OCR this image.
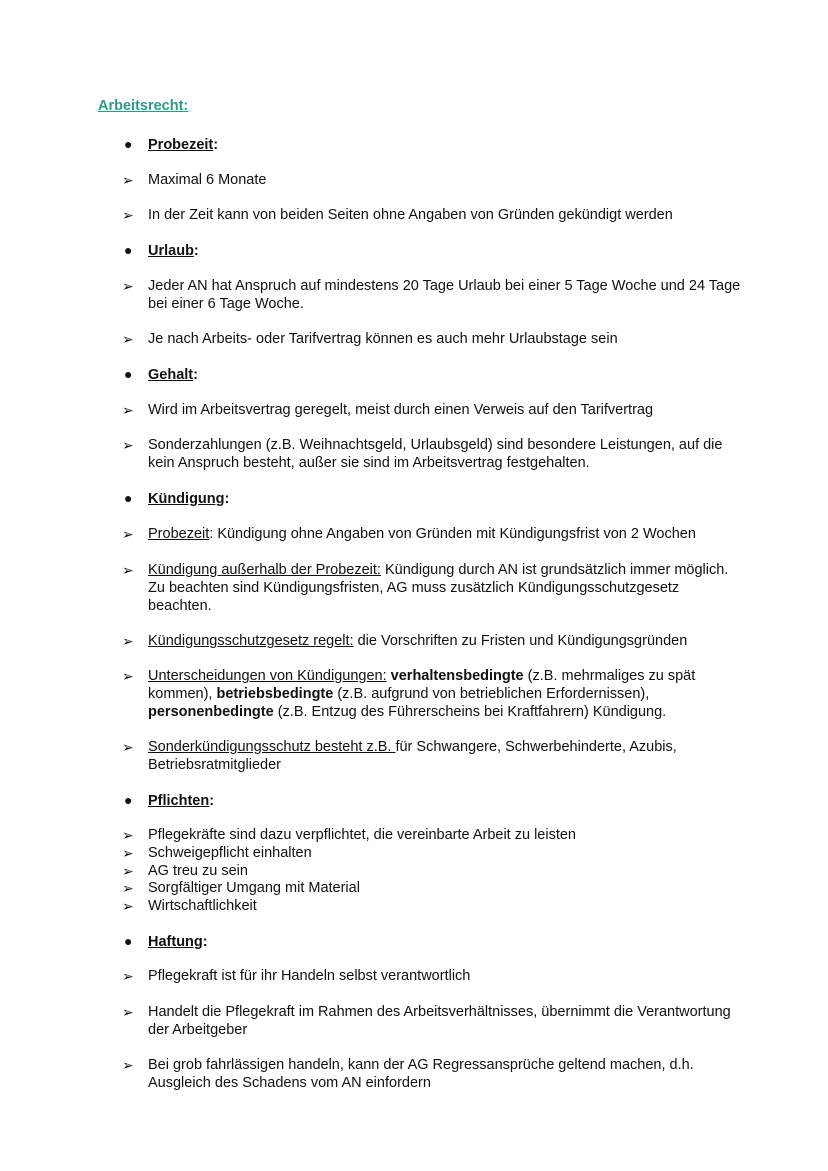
Arbeitsrecht:
●	Probezeit:
➢ Maximal 6 Monate
➢ In der Zeit kann von beiden Seiten ohne Angaben von Gründen gekündigt werden
●	Urlaub:
➢ Jeder AN hat Anspruch auf mindestens 20 Tage Urlaub bei einer 5 Tage Woche und 24 Tage bei einer 6 Tage Woche.
➢ Je nach Arbeits- oder Tarifvertrag können es auch mehr Urlaubstage sein
●	Gehalt:
➢ Wird im Arbeitsvertrag geregelt, meist durch einen Verweis auf den Tarifvertrag
➢ Sonderzahlungen (z.B. Weihnachtsgeld, Urlaubsgeld) sind besondere Leistungen, auf die kein Anspruch besteht, außer sie sind im Arbeitsvertrag festgehalten.
●	Kündigung:
➢ Probezeit: Kündigung ohne Angaben von Gründen mit Kündigungsfrist von 2 Wochen
➢ Kündigung außerhalb der Probezeit: Kündigung durch AN ist grundsätzlich immer möglich. Zu beachten sind Kündigungsfristen, AG muss zusätzlich Kündigungsschutzgesetz beachten.
➢ Kündigungsschutzgesetz regelt: die Vorschriften zu Fristen und Kündigungsgründen
➢ Unterscheidungen von Kündigungen: verhaltensbedingte (z.B. mehrmaliges zu spät kommen), betriebsbedingte (z.B. aufgrund von betrieblichen Erfordernissen), personenbedingte (z.B. Entzug des Führerscheins bei Kraftfahrern) Kündigung.
➢ Sonderkündigungsschutz besteht z.B. für Schwangere, Schwerbehinderte, Azubis, Betriebsratmitglieder
●	Pflichten:
➢ Pflegekräfte sind dazu verpflichtet, die vereinbarte Arbeit zu leisten
➢ Schweigepflicht einhalten
➢ AG treu zu sein
➢ Sorgfältiger Umgang mit Material
➢ Wirtschaftlichkeit
●	Haftung:
➢ Pflegekraft ist für ihr Handeln selbst verantwortlich
➢ Handelt die Pflegekraft im Rahmen des Arbeitsverhältnisses, übernimmt die Verantwortung der Arbeitgeber
➢ Bei grob fahrlässigen handeln, kann der AG Regressansprüche geltend machen, d.h. Ausgleich des Schadens vom AN einfordern
